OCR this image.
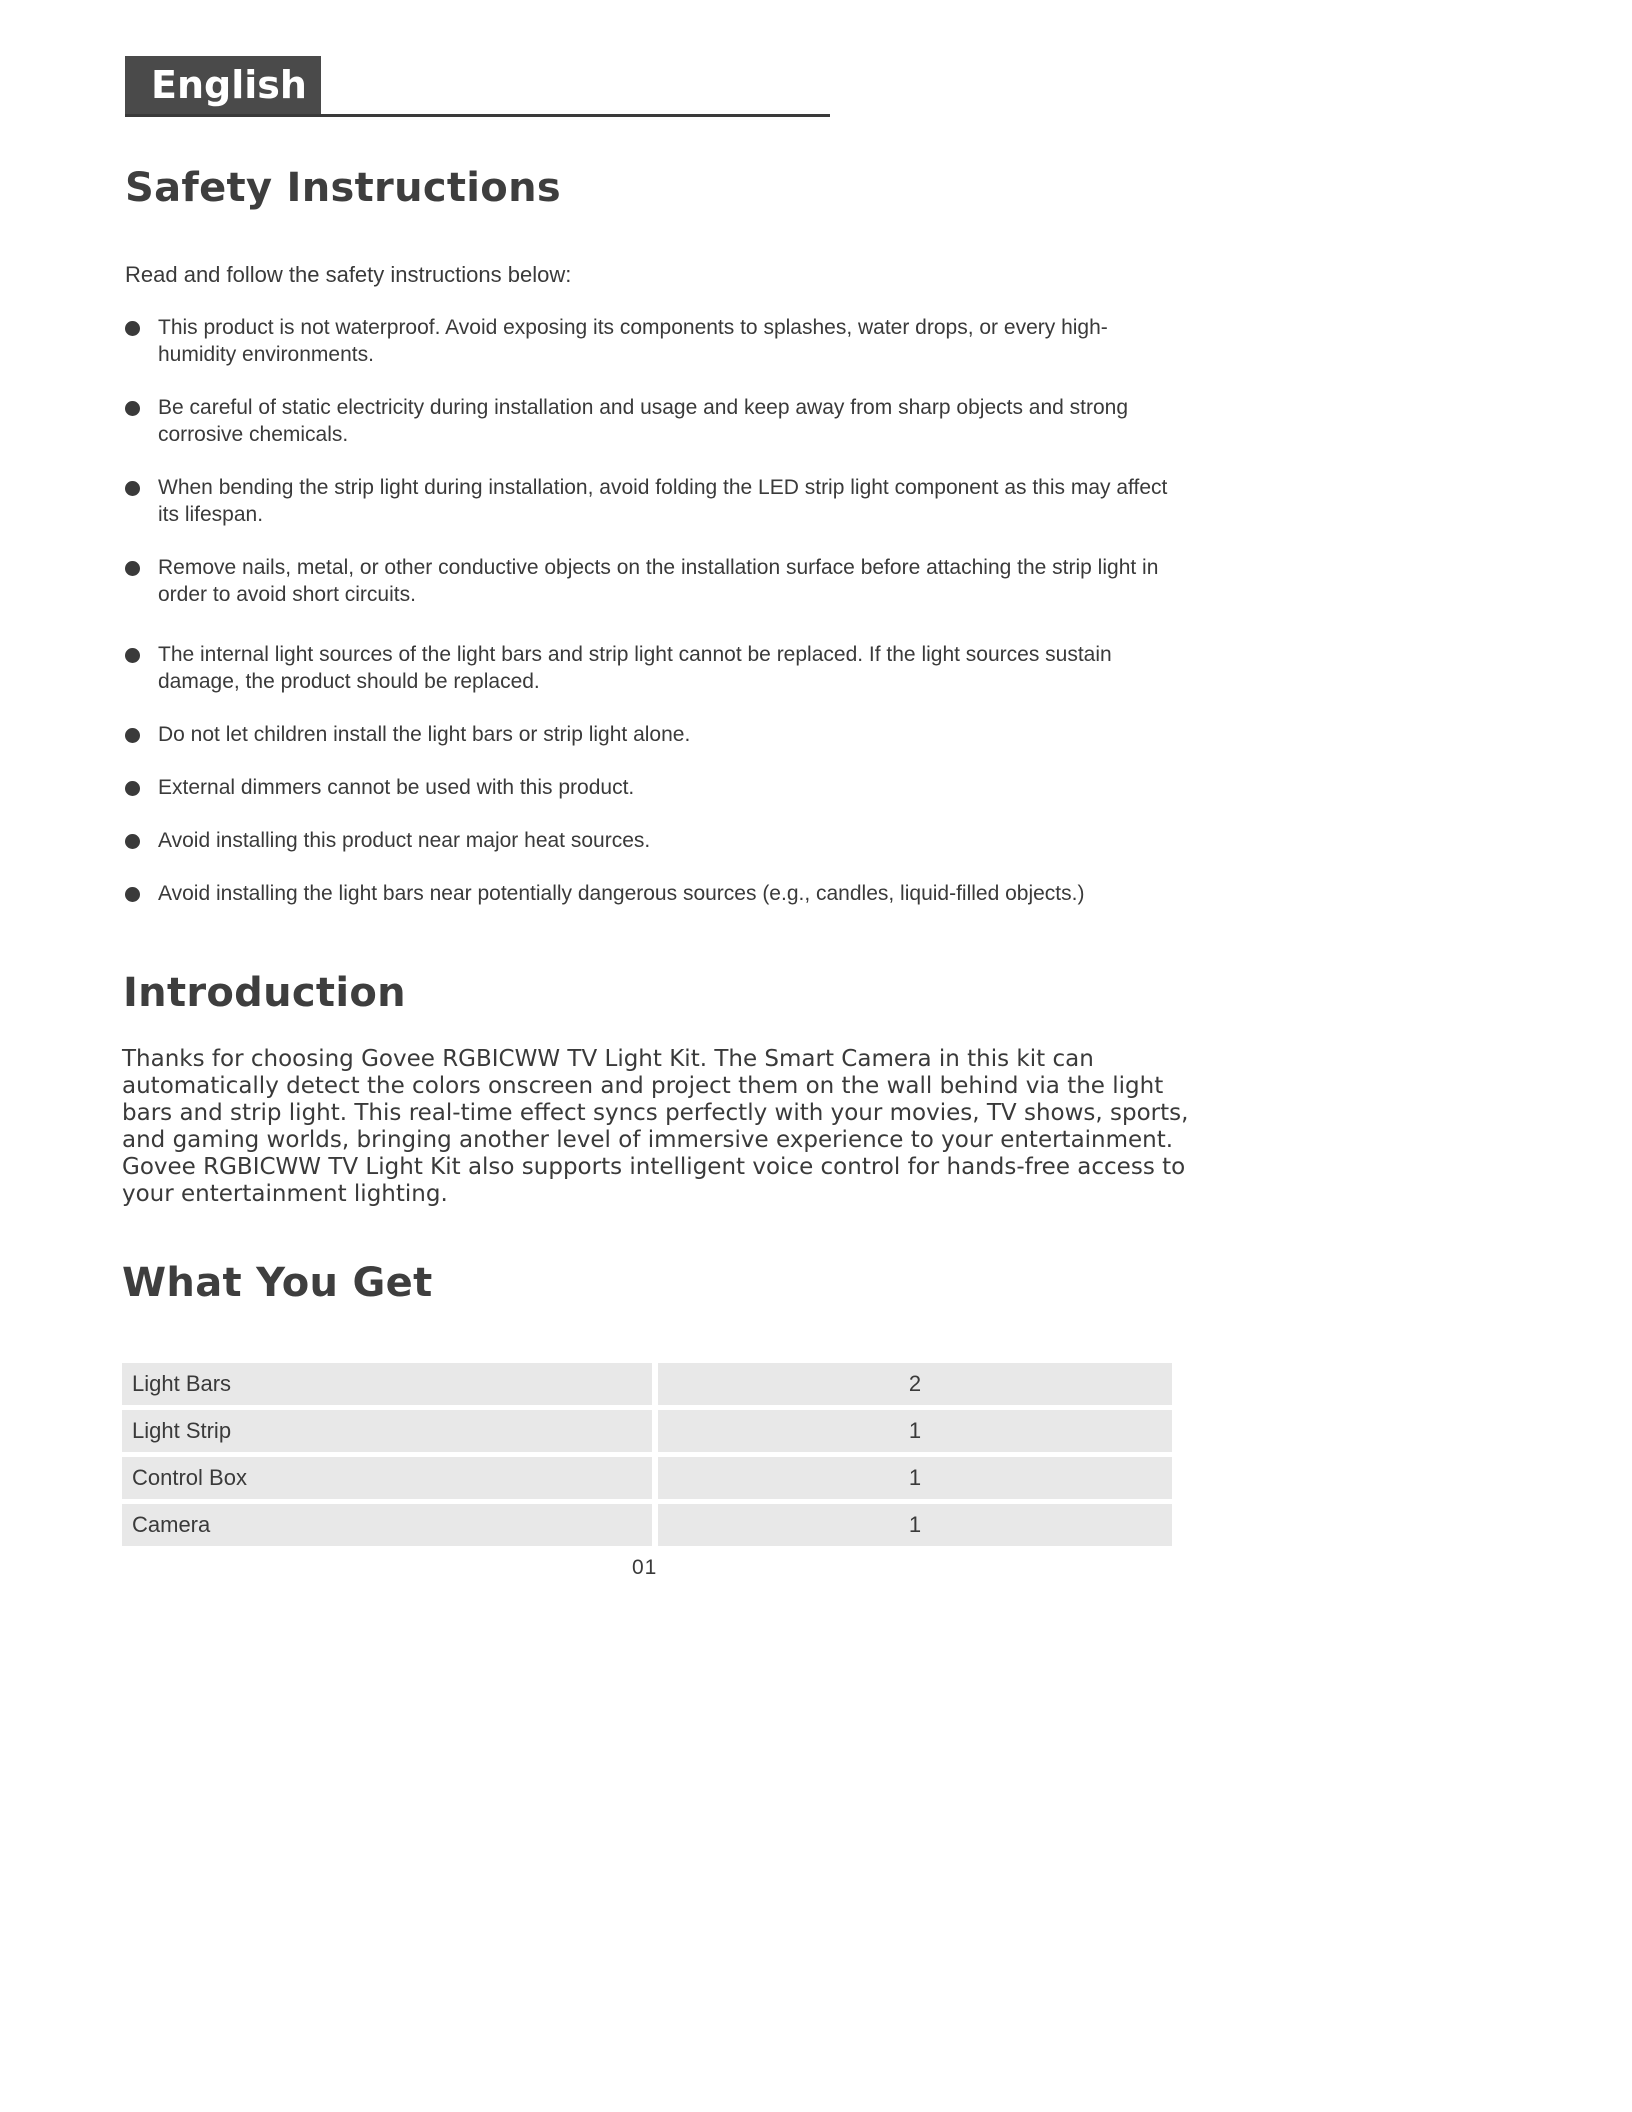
English
Safety Instructions
Read and follow the safety instructions below:
This product is not waterproof. Avoid exposing its components to splashes, water drops, or every high-humidity environments.
Be careful of static electricity during installation and usage and keep away from sharp objects and strong corrosive chemicals.
When bending the strip light during installation, avoid folding the LED strip light component as this may affect its lifespan.
Remove nails, metal, or other conductive objects on the installation surface before attaching the strip light in order to avoid short circuits.
The internal light sources of the light bars and strip light cannot be replaced. If the light sources sustain damage, the product should be replaced.
Do not let children install the light bars or strip light alone.
External dimmers cannot be used with this product.
Avoid installing this product near major heat sources.
Avoid installing the light bars near potentially dangerous sources (e.g., candles, liquid-filled objects.)
Introduction

Thanks for choosing Govee RGBICWW TV Light Kit. The Smart Camera in this kit can automatically detect the colors onscreen and project them on the wall behind via the light bars and strip light. This real-time effect syncs perfectly with your movies, TV shows, sports, and gaming worlds, bringing another level of immersive experience to your entertainment. Govee RGBICWW TV Light Kit also supports intelligent voice control for hands-free access to your entertainment lighting.

What You Get
Light Bars	2
Light Strip	1
Control Box	1
Camera	1
01
